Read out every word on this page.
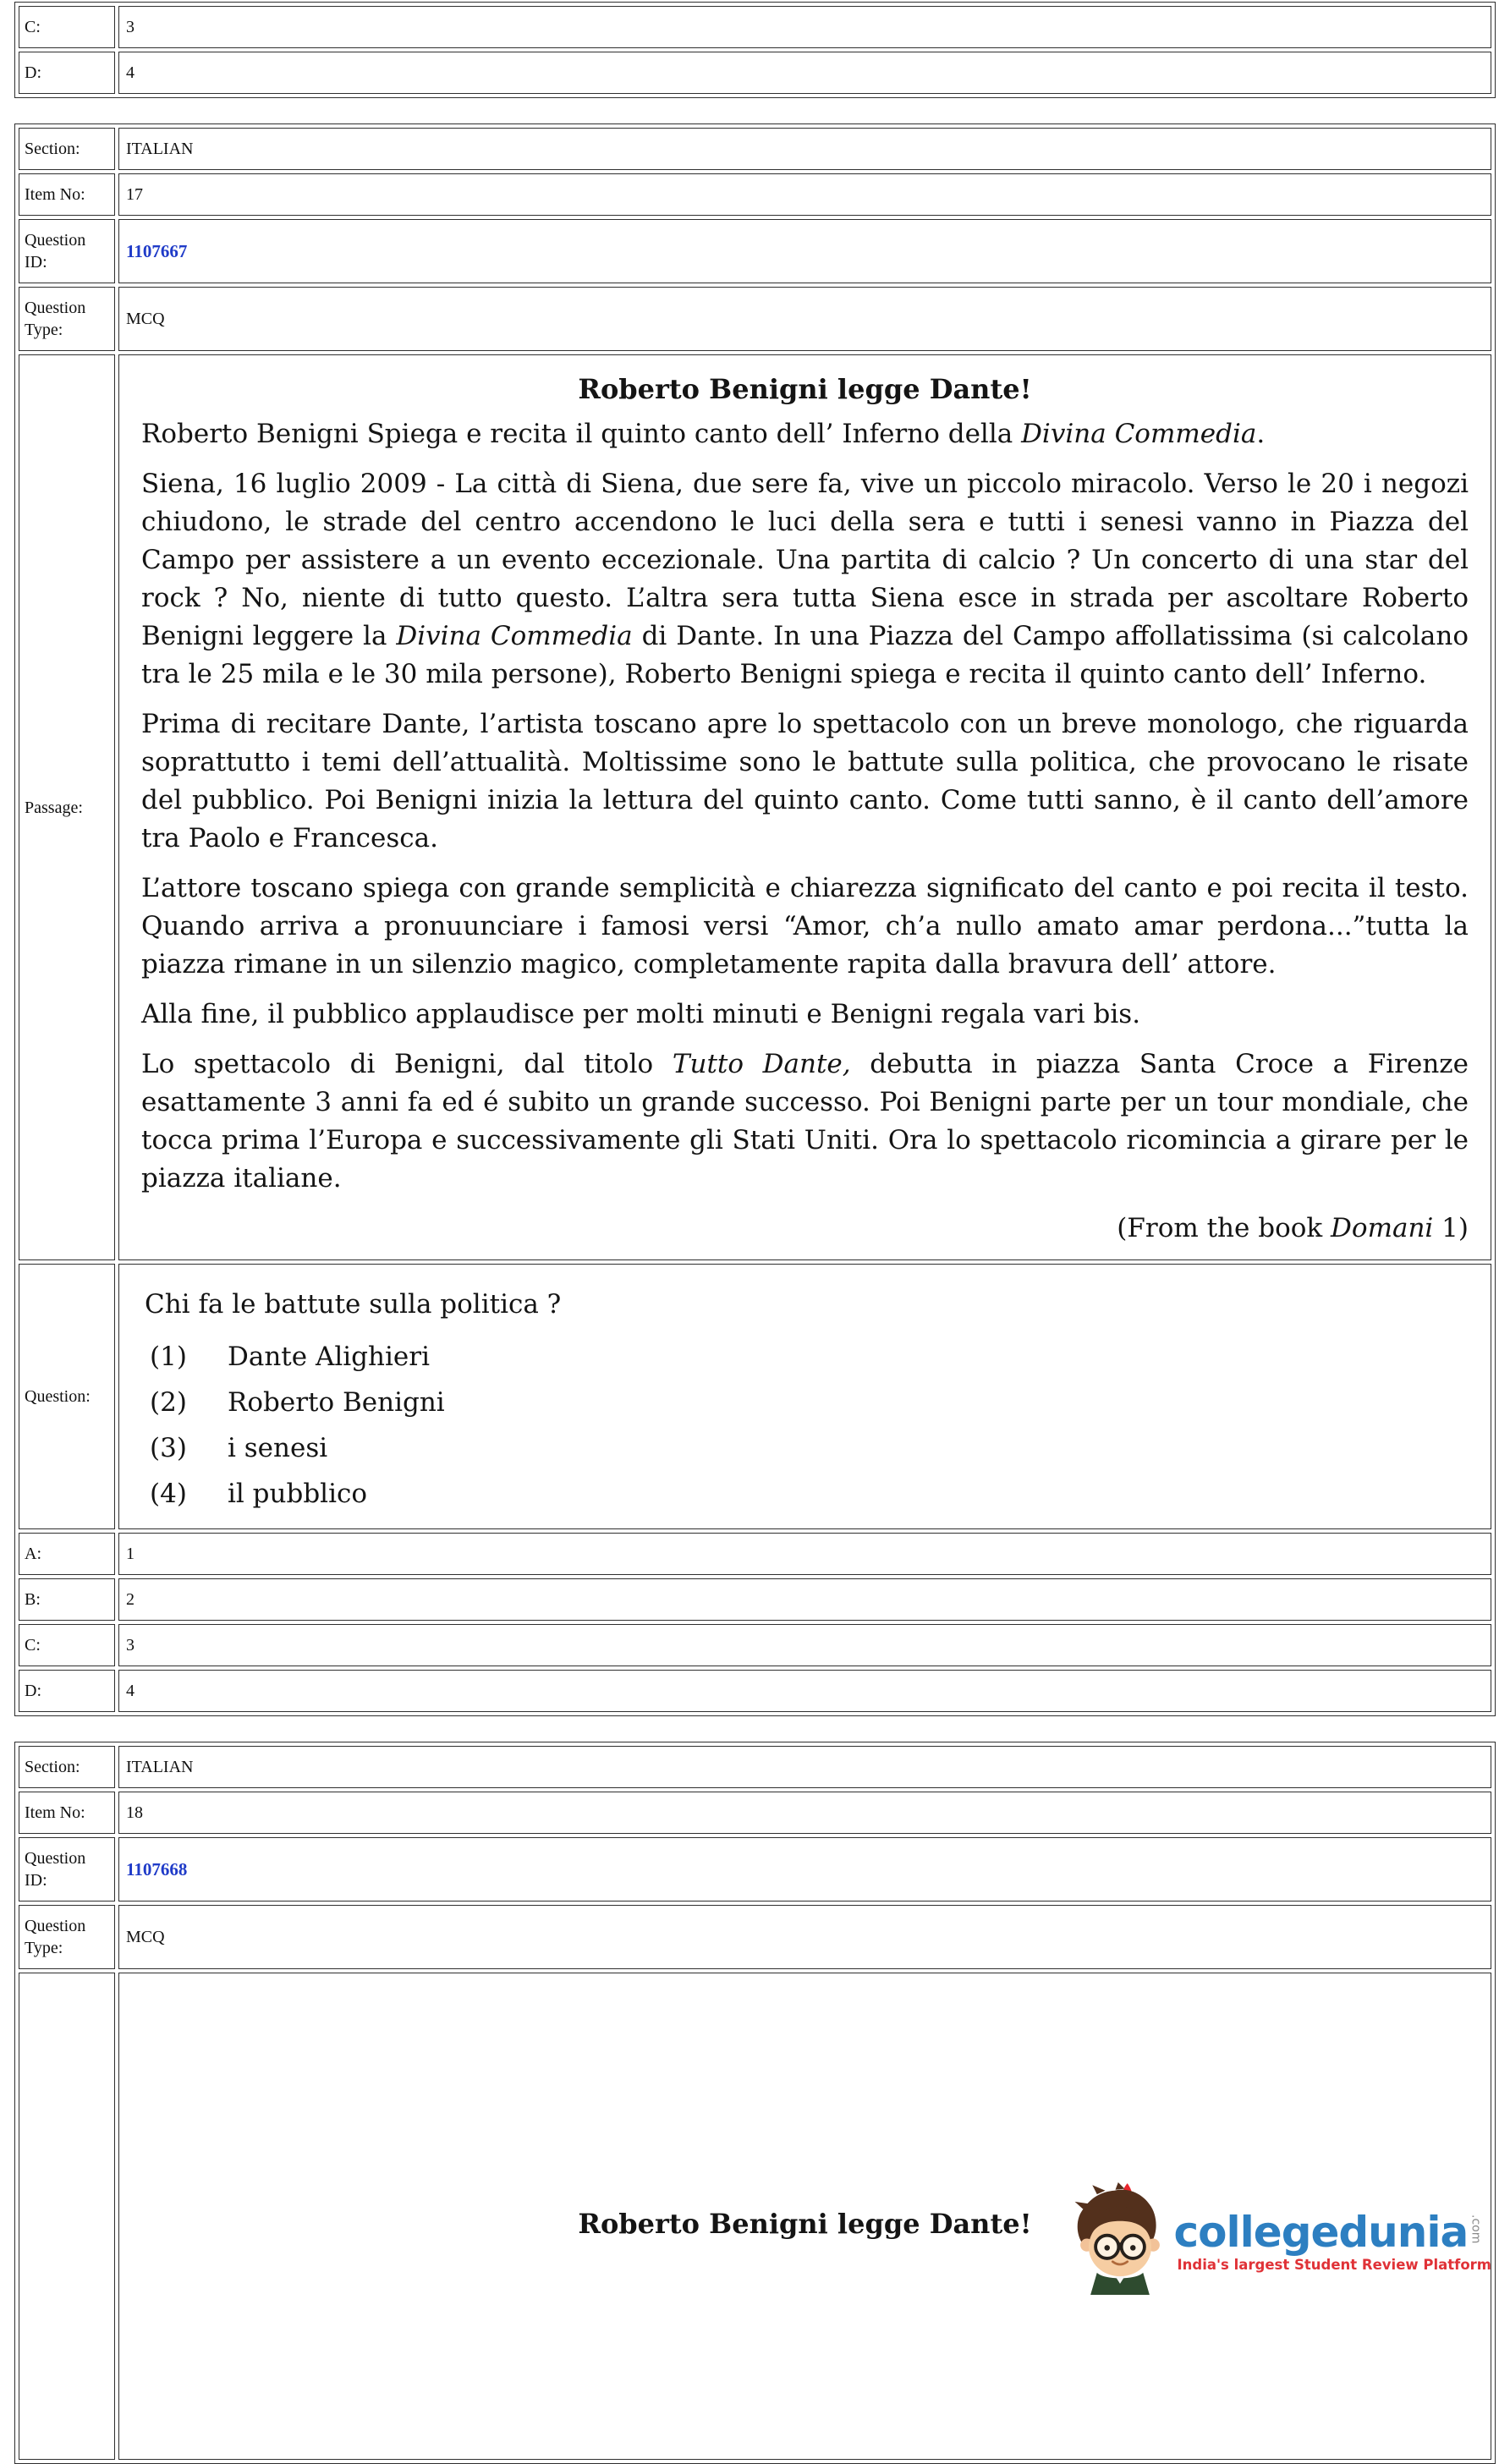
C:	3
D:	4
Section:	ITALIAN
Item No:	17
Question ID:	1107667
Question Type:	MCQ
Passage:	
Roberto Benigni legge Dante!
Roberto Benigni Spiega e recita il quinto canto dell’ Inferno della Divina Commedia.
Siena, 16 luglio 2009 - La città di Siena, due sere fa, vive un piccolo miracolo. Verso le 20 i negozi chiudono, le strade del centro accendono le luci della sera e tutti i senesi vanno in Piazza del Campo per assistere a un evento eccezionale. Una partita di calcio ? Un concerto di una star del rock ? No, niente di tutto questo. L’altra sera tutta Siena esce in strada per ascoltare Roberto Benigni leggere la Divina Commedia di Dante. In una Piazza del Campo affollatissima (si calcolano tra le 25 mila e le 30 mila persone), Roberto Benigni spiega e recita il quinto canto dell’ Inferno.
Prima di recitare Dante, l’artista toscano apre lo spettacolo con un breve monologo, che riguarda soprattutto i temi dell’attualità. Moltissime sono le battute sulla politica, che provocano le risate del pubblico. Poi Benigni inizia la lettura del quinto canto. Come tutti sanno, è il canto dell’amore tra Paolo e Francesca.
L’attore toscano spiega con grande semplicità e chiarezza significato del canto e poi recita il testo. Quando arriva a pronuunciare i famosi versi “Amor, ch’a nullo amato amar perdona...”tutta la piazza rimane in un silenzio magico, completamente rapita dalla bravura dell’ attore.
Alla fine, il pubblico applaudisce per molti minuti e Benigni regala vari bis.
Lo spettacolo di Benigni, dal titolo Tutto Dante, debutta in piazza Santa Croce a Firenze esattamente 3 anni fa ed é subito un grande successo. Poi Benigni parte per un tour mondiale, che tocca prima l’Europa e successivamente gli Stati Uniti. Ora lo spettacolo ricomincia a girare per le piazza italiane.
(From the book Domani 1)

Question:	
Chi fa le battute sulla politica ?
(1)	Dante Alighieri
(2)	Roberto Benigni
(3)	i senesi
(4)	il pubblico

A:	1
B:	2
C:	3
D:	4
Section:	ITALIAN
Item No:	18
Question ID:	1107668
Question Type:	MCQ

	Roberto Benigni legge Dante!	collegedunia .com
India's largest Student Review Platform
